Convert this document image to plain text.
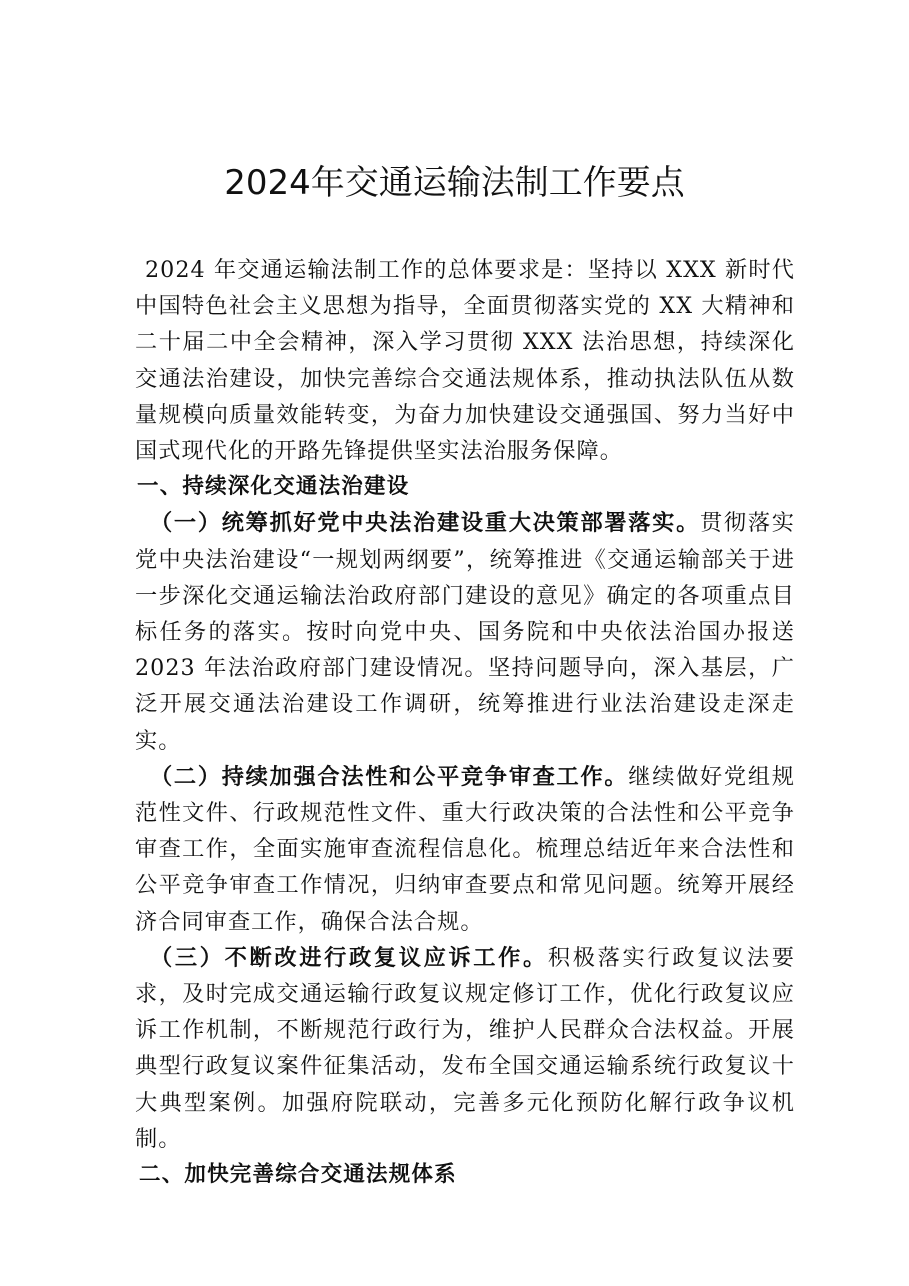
2024年交通运输法制工作要点

2024 年交通运输法制工作的总体要求是：坚持以 XXX 新时代中国特色社会主义思想为指导，全面贯彻落实党的 XX 大精神和二十届二中全会精神，深入学习贯彻 XXX 法治思想，持续深化交通法治建设，加快完善综合交通法规体系，推动执法队伍从数量规模向质量效能转变，为奋力加快建设交通强国、努力当好中国式现代化的开路先锋提供坚实法治服务保障。

一、持续深化交通法治建设

（一）统筹抓好党中央法治建设重大决策部署落实。贯彻落实党中央法治建设“一规划两纲要”，统筹推进《交通运输部关于进一步深化交通运输法治政府部门建设的意见》确定的各项重点目标任务的落实。按时向党中央、国务院和中央依法治国办报送 2023 年法治政府部门建设情况。坚持问题导向，深入基层，广泛开展交通法治建设工作调研，统筹推进行业法治建设走深走实。

（二）持续加强合法性和公平竞争审查工作。继续做好党组规范性文件、行政规范性文件、重大行政决策的合法性和公平竞争审查工作，全面实施审查流程信息化。梳理总结近年来合法性和公平竞争审查工作情况，归纳审查要点和常见问题。统筹开展经济合同审查工作，确保合法合规。

（三）不断改进行政复议应诉工作。积极落实行政复议法要求，及时完成交通运输行政复议规定修订工作，优化行政复议应诉工作机制，不断规范行政行为，维护人民群众合法权益。开展典型行政复议案件征集活动，发布全国交通运输系统行政复议十大典型案例。加强府院联动，完善多元化预防化解行政争议机制。

二、加快完善综合交通法规体系
